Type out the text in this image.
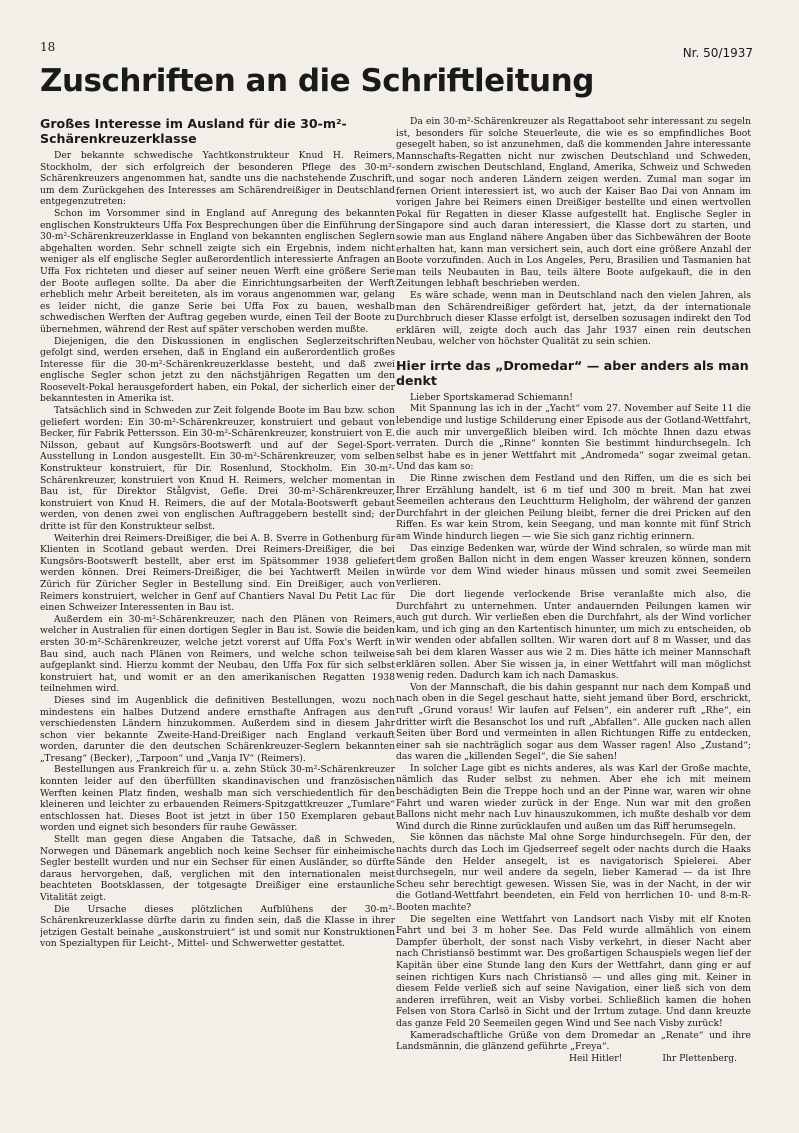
18	Nr. 50/1937
Zuschriften an die Schriftleitung
Großes Interesse im Ausland für die 30-m²-Schärenkreuzerklasse

Der bekannte schwedische Yachtkonstrukteur Knud H. Reimers, Stockholm, der sich erfolgreich der besonderen Pflege des 30-m²-Schärenkreuzers angenommen hat, sandte uns die nachstehende Zuschrift, um dem Zurückgehen des Interesses am Schärendreißiger in Deutschland entgegenzutreten:

Schon im Vorsommer sind in England auf Anregung des bekannten englischen Konstrukteurs Uffa Fox Besprechungen über die Einführung der 30-m²-Schärenkreuzerklasse in England von bekannten englischen Seglern abgehalten worden. Sehr schnell zeigte sich ein Ergebnis, indem nicht weniger als elf englische Segler außerordentlich interessierte Anfragen an Uffa Fox richteten und dieser auf seiner neuen Werft eine größere Serie der Boote auflegen sollte. Da aber die Einrichtungsarbeiten der Werft erheblich mehr Arbeit bereiteten, als im voraus angenommen war, gelang es leider nicht, die ganze Serie bei Uffa Fox zu bauen, weshalb schwedischen Werften der Auftrag gegeben wurde, einen Teil der Boote zu übernehmen, während der Rest auf später verschoben werden mußte.

Diejenigen, die den Diskussionen in englischen Seglerzeitschriften gefolgt sind, werden ersehen, daß in England ein außerordentlich großes Interesse für die 30-m²-Schärenkreuzerklasse besteht, und daß zwei englische Segler schon jetzt zu den nächstjährigen Regatten um den Roosevelt-Pokal herausgefordert haben, ein Pokal, der sicherlich einer der bekanntesten in Amerika ist.

Tatsächlich sind in Schweden zur Zeit folgende Boote im Bau bzw. schon geliefert worden: Ein 30-m²-Schärenkreuzer, konstruiert und gebaut von Becker, für Fabrik Pettersson. Ein 30-m²-Schärenkreuzer, konstruiert von E. Nilsson, gebaut auf Kungsörs-Bootswerft und auf der Segel-Sport-Ausstellung in London ausgestellt. Ein 30-m²-Schärenkreuzer, vom selben Konstrukteur konstruiert, für Dir. Rosenlund, Stockholm. Ein 30-m²-Schärenkreuzer, konstruiert von Knud H. Reimers, welcher momentan in Bau ist, für Direktor Stålgvist, Gefle. Drei 30-m²-Schärenkreuzer, konstruiert von Knud H. Reimers, die auf der Motala-Bootswerft gebaut werden, von denen zwei von englischen Auftraggebern bestellt sind; der dritte ist für den Konstrukteur selbst.

Weiterhin drei Reimers-Dreißiger, die bei A. B. Sverre in Gothenburg für Klienten in Scotland gebaut werden. Drei Reimers-Dreißiger, die bei Kungsörs-Bootswerft bestellt, aber erst im Spätsommer 1938 geliefert werden können. Drei Reimers-Dreißiger, die bei Yachtwerft Meilen in Zürich für Züricher Segler in Bestellung sind. Ein Dreißiger, auch von Reimers konstruiert, welcher in Genf auf Chantiers Naval Du Petit Lac für einen Schweizer Interessenten in Bau ist.

Außerdem ein 30-m²-Schärenkreuzer, nach den Plänen von Reimers, welcher in Australien für einen dortigen Segler in Bau ist. Sowie die beiden ersten 30-m²-Schärenkreuzer, welche jetzt vorerst auf Uffa Fox's Werft in Bau sind, auch nach Plänen von Reimers, und welche schon teilweise aufgeplankt sind. Hierzu kommt der Neubau, den Uffa Fox für sich selbst konstruiert hat, und womit er an den amerikanischen Regatten 1938 teilnehmen wird.

Dieses sind im Augenblick die definitiven Bestellungen, wozu noch mindestens ein halbes Dutzend andere ernsthafte Anfragen aus den verschiedensten Ländern hinzukommen. Außerdem sind in diesem Jahr schon vier bekannte Zweite-Hand-Dreißiger nach England verkauft worden, darunter die den deutschen Schärenkreuzer-Seglern bekannten „Tresang“ (Becker), „Tarpoon“ und „Vanja IV“ (Reimers).

Bestellungen aus Frankreich für u. a. zehn Stück 30-m²-Schärenkreuzer konnten leider auf den überfüllten skandinavischen und französischen Werften keinen Platz finden, weshalb man sich verschiedentlich für den kleineren und leichter zu erbauenden Reimers-Spitzgattkreuzer „Tumlare“ entschlossen hat. Dieses Boot ist jetzt in über 150 Exemplaren gebaut worden und eignet sich besonders für rauhe Gewässer.

Stellt man gegen diese Angaben die Tatsache, daß in Schweden, Norwegen und Dänemark angeblich noch keine Sechser für einheimische Segler bestellt wurden und nur ein Sechser für einen Ausländer, so dürfte daraus hervorgehen, daß, verglichen mit den internationalen meist beachteten Bootsklassen, der totgesagte Dreißiger eine erstaunliche Vitalität zeigt.

Die Ursache dieses plötzlichen Aufblühens der 30-m²-Schärenkreuzerklasse dürfte darin zu finden sein, daß die Klasse in ihrer jetzigen Gestalt beinahe „auskonstruiert“ ist und somit nur Konstruktionen von Spezialtypen für Leicht-, Mittel- und Schwerwetter gestattet.

Da ein 30-m²-Schärenkreuzer als Regattaboot sehr interessant zu segeln ist, besonders für solche Steuerleute, die wie es so empfindliches Boot gesegelt haben, so ist anzunehmen, daß die kommenden Jahre interessante Mannschafts-Regatten nicht nur zwischen Deutschland und Schweden, sondern zwischen Deutschland, England, Amerika, Schweiz und Schweden und sogar noch anderen Ländern zeigen werden. Zumal man sogar im fernen Orient interessiert ist, wo auch der Kaiser Bao Dai von Annam im vorigen Jahre bei Reimers einen Dreißiger bestellte und einen wertvollen Pokal für Regatten in dieser Klasse aufgestellt hat. Englische Segler in Singapore sind auch daran interessiert, die Klasse dort zu starten, und sowie man aus England nähere Angaben über das Sichbewähren der Boote erhalten hat, kann man versichert sein, auch dort eine größere Anzahl der Boote vorzufinden. Auch in Los Angeles, Peru, Brasilien und Tasmanien hat man teils Neubauten in Bau, teils ältere Boote aufgekauft, die in den Zeitungen lebhaft beschrieben werden.

Es wäre schade, wenn man in Deutschland nach den vielen Jahren, als man den Schärendreißiger gefördert hat, jetzt, da der internationale Durchbruch dieser Klasse erfolgt ist, derselben sozusagen indirekt den Tod erklären will, zeigte doch auch das Jahr 1937 einen rein deutschen Neubau, welcher von höchster Qualität zu sein schien.

Hier irrte das „Dromedar“ — aber anders als man denkt

Lieber Sportskamerad Schiemann!

Mit Spannung las ich in der „Yacht“ vom 27. November auf Seite 11 die lebendige und lustige Schilderung einer Episode aus der Gotland-Wettfahrt, die auch mir unvergeßlich bleiben wird. Ich möchte Ihnen dazu etwas verraten. Durch die „Rinne“ konnten Sie bestimmt hindurchsegeln. Ich selbst habe es in jener Wettfahrt mit „Andromeda“ sogar zweimal getan. Und das kam so:

Die Rinne zwischen dem Festland und den Riffen, um die es sich bei Ihrer Erzählung handelt, ist 6 m tief und 300 m breit. Man hat zwei Seemeilen achteraus den Leuchtturm Heligholm, der während der ganzen Durchfahrt in der gleichen Peilung bleibt, ferner die drei Pricken auf den Riffen. Es war kein Strom, kein Seegang, und man konnte mit fünf Strich am Winde hindurch liegen — wie Sie sich ganz richtig erinnern.

Das einzige Bedenken war, würde der Wind schralen, so würde man mit dem großen Ballon nicht in dem engen Wasser kreuzen können, sondern würde vor dem Wind wieder hinaus müssen und somit zwei Seemeilen verlieren.

Die dort liegende verlockende Brise veranlaßte mich also, die Durchfahrt zu unternehmen. Unter andauernden Peilungen kamen wir auch gut durch. Wir verließen eben die Durchfahrt, als der Wind vorlicher kam, und ich ging an den Kartentisch hinunter, um mich zu entscheiden, ob wir wenden oder abfallen sollten. Wir waren dort auf 8 m Wasser, und das sah bei dem klaren Wasser aus wie 2 m. Dies hätte ich meiner Mannschaft erklären sollen. Aber Sie wissen ja, in einer Wettfahrt will man möglichst wenig reden. Dadurch kam ich nach Damaskus.

Von der Mannschaft, die bis dahin gespannt nur nach dem Kompaß und nach oben in die Segel geschaut hatte, sieht jemand über Bord, erschrickt, ruft „Grund voraus! Wir laufen auf Felsen“, ein anderer ruft „Rhe“, ein dritter wirft die Besanschot los und ruft „Abfallen“. Alle gucken nach allen Seiten über Bord und vermeinten in allen Richtungen Riffe zu entdecken, einer sah sie nachträglich sogar aus dem Wasser ragen! Also „Zustand“; das waren die „killenden Segel“, die Sie sahen!

In solcher Lage gibt es nichts anderes, als was Karl der Große machte, nämlich das Ruder selbst zu nehmen. Aber ehe ich mit meinem beschädigten Bein die Treppe hoch und an der Pinne war, waren wir ohne Fahrt und waren wieder zurück in der Enge. Nun war mit den großen Ballons nicht mehr nach Luv hinauszukommen, ich mußte deshalb vor dem Wind durch die Rinne zurücklaufen und außen um das Riff herumsegeln.

Sie können das nächste Mal ohne Sorge hindurchsegeln. Für den, der nachts durch das Loch im Gjedserreef segelt oder nachts durch die Haaks Sände den Helder ansegelt, ist es navigatorisch Spielerei. Aber durchsegeln, nur weil andere da segeln, lieber Kamerad — da ist Ihre Scheu sehr berechtigt gewesen. Wissen Sie, was in der Nacht, in der wir die Gotland-Wettfahrt beendeten, ein Feld von herrlichen 10- und 8-m-R-Booten machte?

Die segelten eine Wettfahrt von Landsort nach Visby mit elf Knoten Fahrt und bei 3 m hoher See. Das Feld wurde allmählich von einem Dampfer überholt, der sonst nach Visby verkehrt, in dieser Nacht aber nach Christiansö bestimmt war. Des großartigen Schauspiels wegen lief der Kapitän über eine Stunde lang den Kurs der Wettfahrt, dann ging er auf seinen richtigen Kurs nach Christiansö — und alles ging mit. Keiner in diesem Felde verließ sich auf seine Navigation, einer ließ sich von dem anderen irreführen, weit an Visby vorbei. Schließlich kamen die hohen Felsen von Stora Carlsö in Sicht und der Irrtum zutage. Und dann kreuzte das ganze Feld 20 Seemeilen gegen Wind und See nach Visby zurück!

Kameradschaftliche Grüße von dem Dromedar an „Renate“ und ihre Landsmännin, die glänzend geführte „Freya“.

Heil Hitler!	Ihr Plettenberg.
